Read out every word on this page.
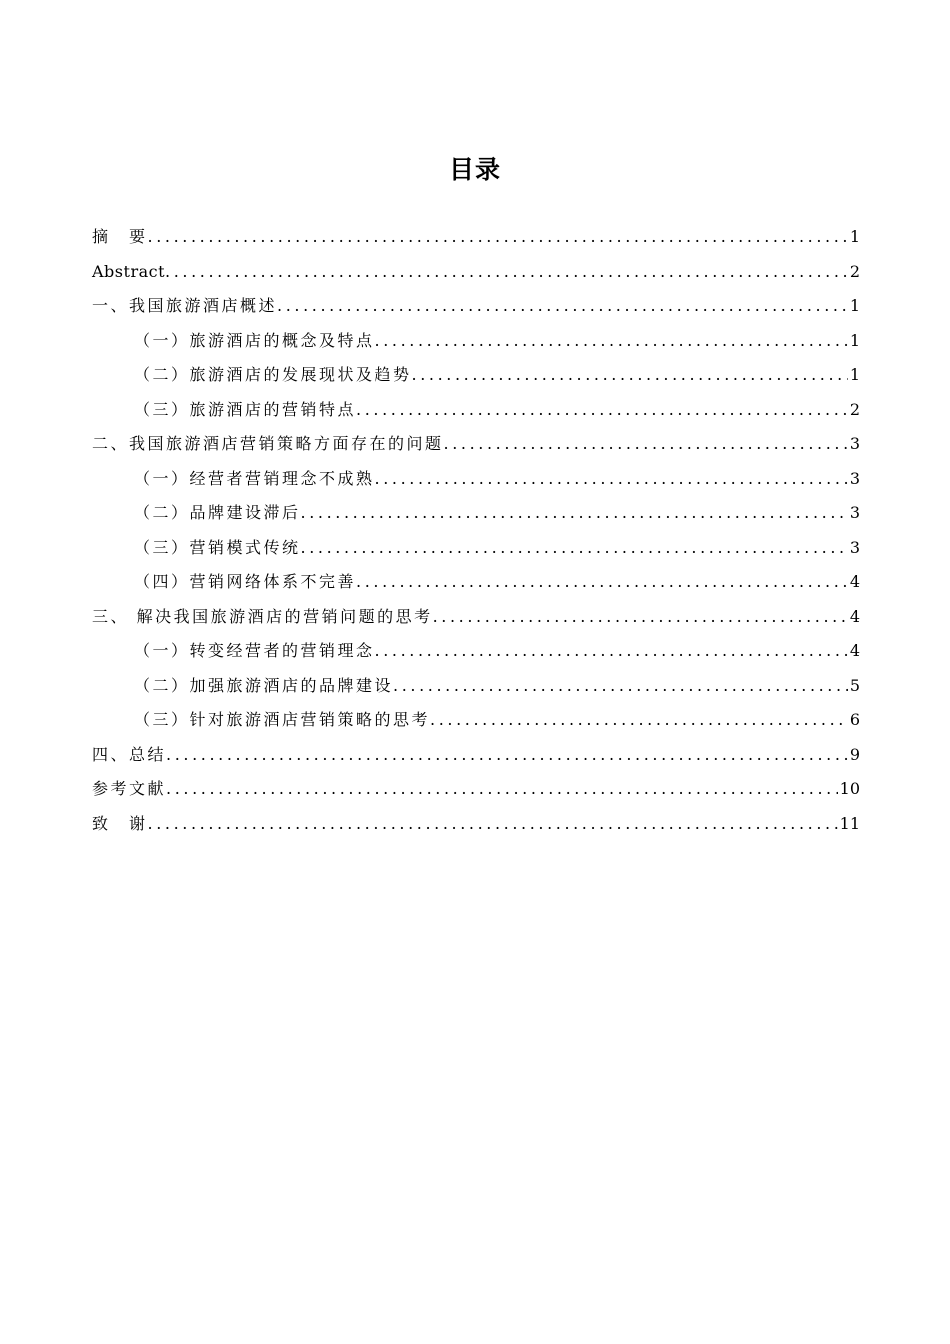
目录
摘　要 .....	1
Abstract .....	2
一、我国旅游酒店概述 .....	1
（一）旅游酒店的概念及特点 .....	1
（二）旅游酒店的发展现状及趋势 .....	1
（三）旅游酒店的营销特点 .....	2
二、我国旅游酒店营销策略方面存在的问题 .....	3
（一）经营者营销理念不成熟 .....	3
（二）品牌建设滞后 .....	3
（三）营销模式传统 .....	3
（四）营销网络体系不完善 .....	4
三、 解决我国旅游酒店的营销问题的思考 .....	4
（一）转变经营者的营销理念 .....	4
（二）加强旅游酒店的品牌建设 .....	5
（三）针对旅游酒店营销策略的思考 .....	6
四、总结 .....	9
参考文献 .....	10
致　谢 .....	11
